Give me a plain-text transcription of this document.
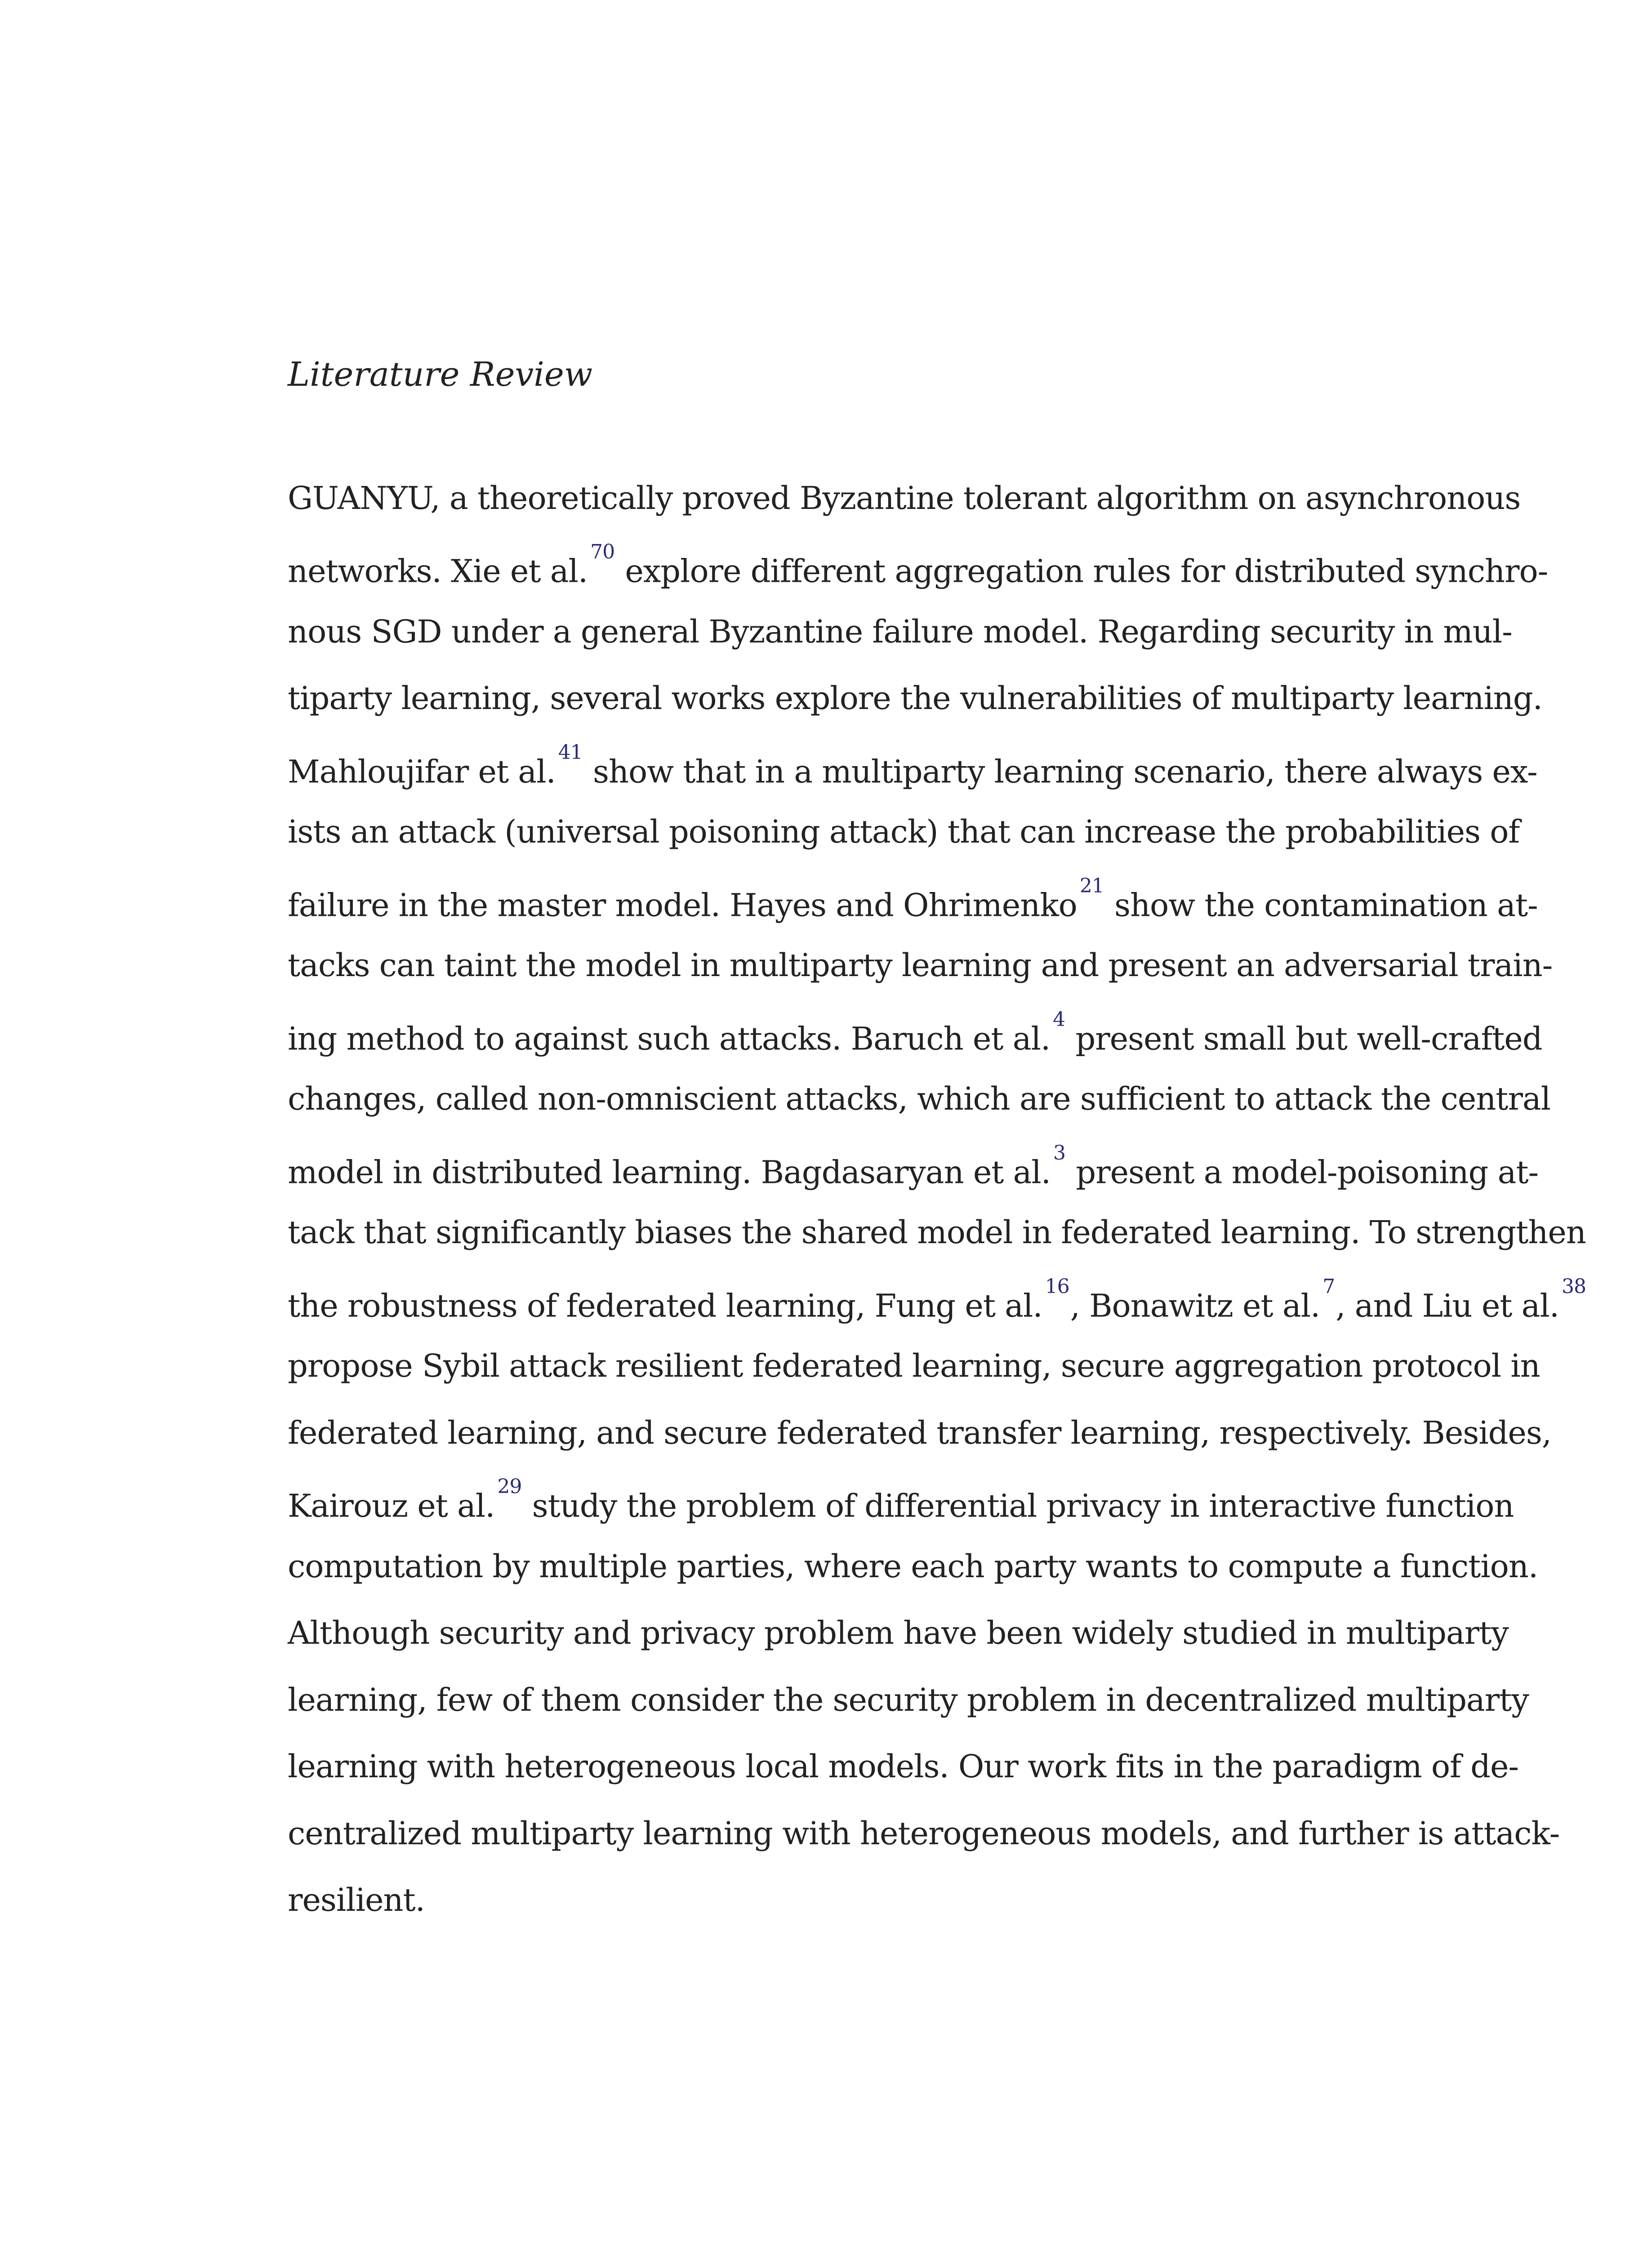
Literature Review
GUANYU, a theoretically proved Byzantine tolerant algorithm on asynchronous
networks. Xie et al.$^{70}$ explore different aggregation rules for distributed synchro-
nous SGD under a general Byzantine failure model. Regarding security in mul-
tiparty learning, several works explore the vulnerabilities of multiparty learning.
Mahloujifar et al.$^{41}$ show that in a multiparty learning scenario, there always ex-
ists an attack (universal poisoning attack) that can increase the probabilities of
failure in the master model. Hayes and Ohrimenko$^{21}$ show the contamination at-
tacks can taint the model in multiparty learning and present an adversarial train-
ing method to against such attacks. Baruch et al.$^4$ present small but well-crafted
changes, called non-omniscient attacks, which are sufficient to attack the central
model in distributed learning. Bagdasaryan et al.$^3$ present a model-poisoning at-
tack that significantly biases the shared model in federated learning. To strengthen
the robustness of federated learning, Fung et al.$^{16}$, Bonawitz et al.$^7$, and Liu et al.$^{38}$
propose Sybil attack resilient federated learning, secure aggregation protocol in
federated learning, and secure federated transfer learning, respectively. Besides,
Kairouz et al.$^{29}$ study the problem of differential privacy in interactive function
computation by multiple parties, where each party wants to compute a function.
Although security and privacy problem have been widely studied in multiparty
learning, few of them consider the security problem in decentralized multiparty
learning with heterogeneous local models. Our work fits in the paradigm of de-
centralized multiparty learning with heterogeneous models, and further is attack-
resilient.
